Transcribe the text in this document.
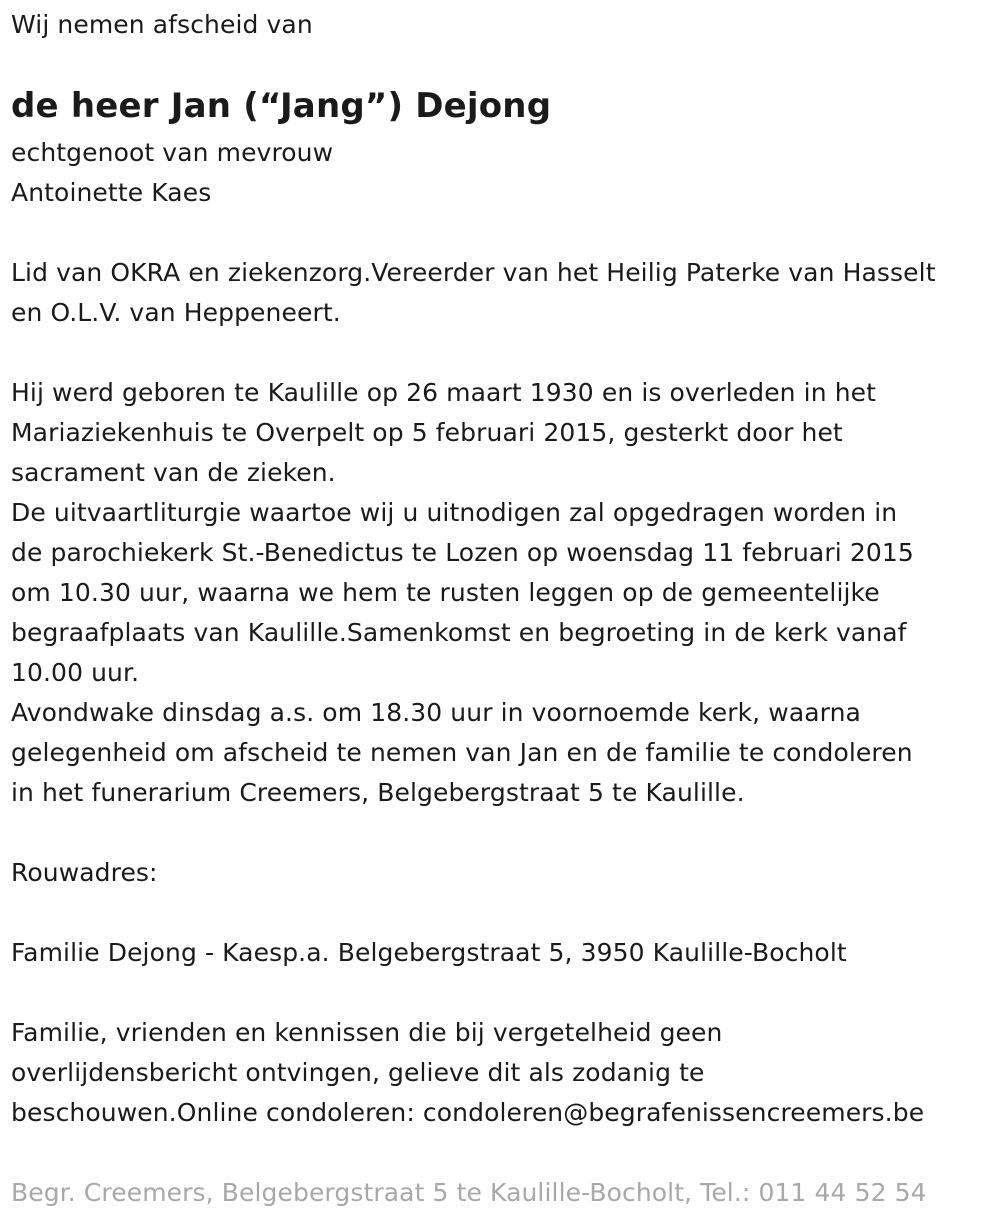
Wij nemen afscheid van
de heer Jan (“Jang”) Dejong
echtgenoot van mevrouw
Antoinette Kaes
Lid van OKRA en ziekenzorg.Vereerder van het Heilig Paterke van Hasselt
en O.L.V. van Heppeneert.
Hij werd geboren te Kaulille op 26 maart 1930 en is overleden in het
Mariaziekenhuis te Overpelt op 5 februari 2015, gesterkt door het
sacrament van de zieken.
De uitvaartliturgie waartoe wij u uitnodigen zal opgedragen worden in
de parochiekerk St.-Benedictus te Lozen op woensdag 11 februari 2015
om 10.30 uur, waarna we hem te rusten leggen op de gemeentelijke
begraafplaats van Kaulille.Samenkomst en begroeting in de kerk vanaf
10.00 uur.
Avondwake dinsdag a.s. om 18.30 uur in voornoemde kerk, waarna
gelegenheid om afscheid te nemen van Jan en de familie te condoleren
in het funerarium Creemers, Belgebergstraat 5 te Kaulille.
Rouwadres:
Familie Dejong - Kaesp.a. Belgebergstraat 5, 3950 Kaulille-Bocholt
Familie, vrienden en kennissen die bij vergetelheid geen
overlijdensbericht ontvingen, gelieve dit als zodanig te
beschouwen.Online condoleren: condoleren@begrafenissencreemers.be
Begr. Creemers, Belgebergstraat 5 te Kaulille-Bocholt, Tel.: 011 44 52 54
